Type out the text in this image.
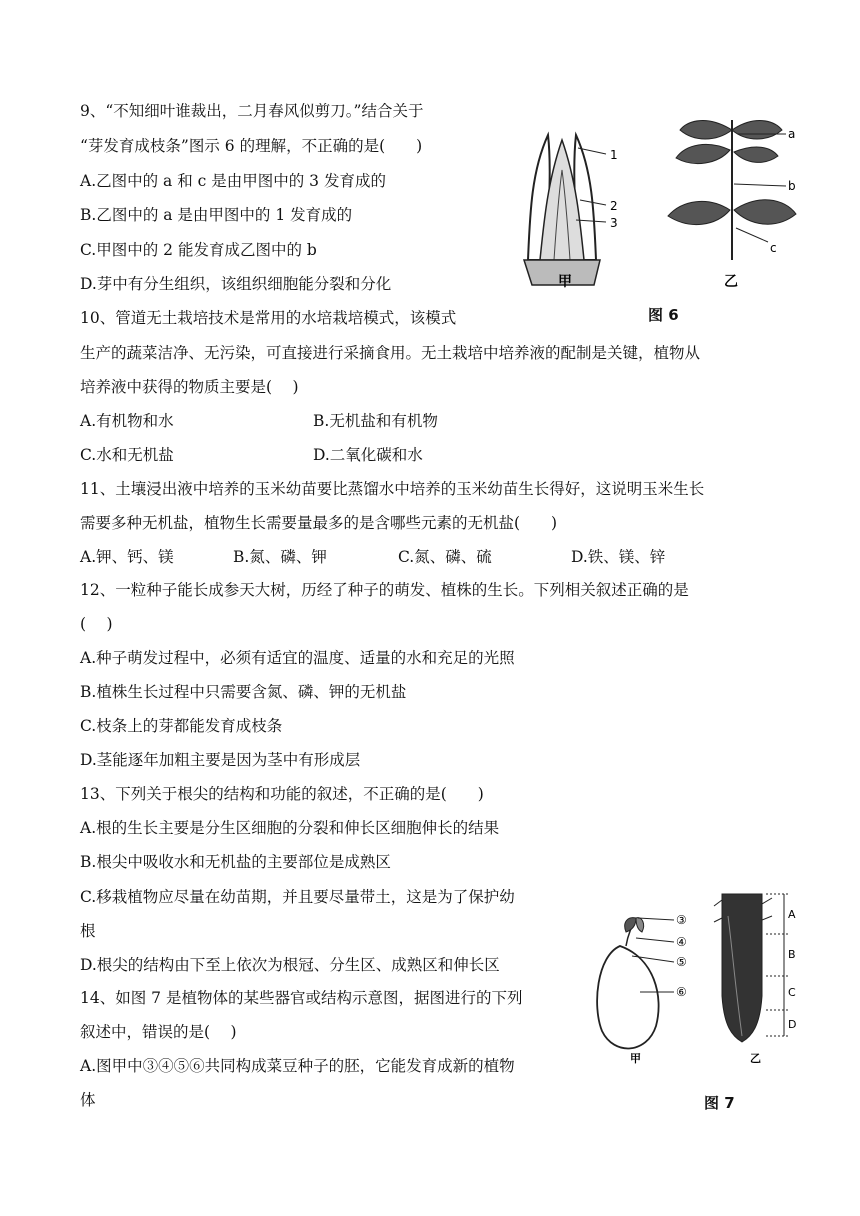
9、“不知细叶谁裁出，二月春风似剪刀。”结合关于
“芽发育成枝条”图示 6 的理解，不正确的是(　　)
A.乙图中的 a 和 c 是由甲图中的 3 发育成的
B.乙图中的 a 是由甲图中的 1 发育成的
C.甲图中的 2 能发育成乙图中的 b
D.芽中有分生组织，该组织细胞能分裂和分化
1
2
3
a
b
c
甲	乙
图 6
10、管道无土栽培技术是常用的水培栽培模式，该模式
生产的蔬菜洁净、无污染，可直接进行采摘食用。无土栽培中培养液的配制是关键，植物从
培养液中获得的物质主要是(　 )
A.有机物和水	B.无机盐和有机物
C.水和无机盐	D.二氧化碳和水
11、土壤浸出液中培养的玉米幼苗要比蒸馏水中培养的玉米幼苗生长得好，这说明玉米生长
需要多种无机盐，植物生长需要量最多的是含哪些元素的无机盐(　　)
A.钾、钙、镁	B.氮、磷、钾	C.氮、磷、硫	D.铁、镁、锌
12、一粒种子能长成参天大树，历经了种子的萌发、植株的生长。下列相关叙述正确的是
(　 )
A.种子萌发过程中，必须有适宜的温度、适量的水和充足的光照
B.植株生长过程中只需要含氮、磷、钾的无机盐
C.枝条上的芽都能发育成枝条
D.茎能逐年加粗主要是因为茎中有形成层
13、下列关于根尖的结构和功能的叙述，不正确的是(　　)
A.根的生长主要是分生区细胞的分裂和伸长区细胞伸长的结果
B.根尖中吸收水和无机盐的主要部位是成熟区
C.移栽植物应尽量在幼苗期，并且要尽量带土，这是为了保护幼
根
D.根尖的结构由下至上依次为根冠、分生区、成熟区和伸长区
14、如图 7 是植物体的某些器官或结构示意图，据图进行的下列
叙述中，错误的是(　 )
A.图甲中③④⑤⑥共同构成菜豆种子的胚，它能发育成新的植物
体
③
④
⑤
⑥
A
B
C
D
甲	乙
图 7
